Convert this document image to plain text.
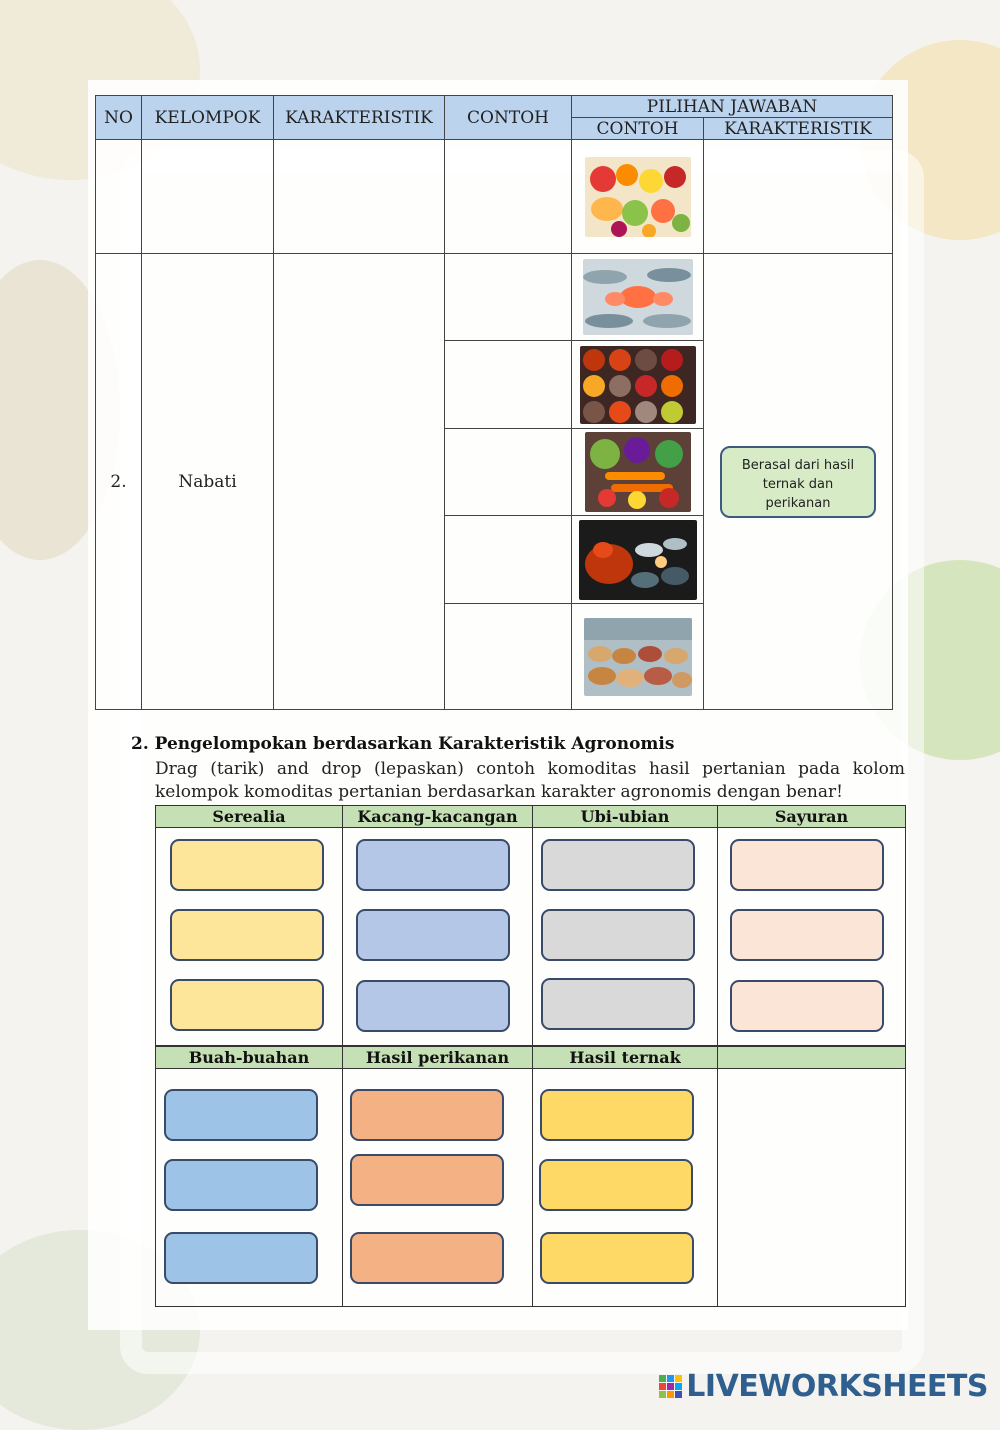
NO	KELOMPOK	KARAKTERISTIK	CONTOH	PILIHAN JAWABAN	
				CONTOH	KARAKTERISTIK

2.	Nabati				Berasal dari hasil ternak dan perikanan

2. Pengelompokan berdasarkan Karakteristik Agronomis
Drag (tarik) and drop (lepaskan) contoh komoditas hasil pertanian pada kolom kelompok komoditas pertanian berdasarkan karakter agronomis dengan benar!
Serealia	Kacang-kacangan	Ubi-ubian	Sayuran

Buah-buahan	Hasil perikanan	Hasil ternak	

LIVEWORKSHEETS
